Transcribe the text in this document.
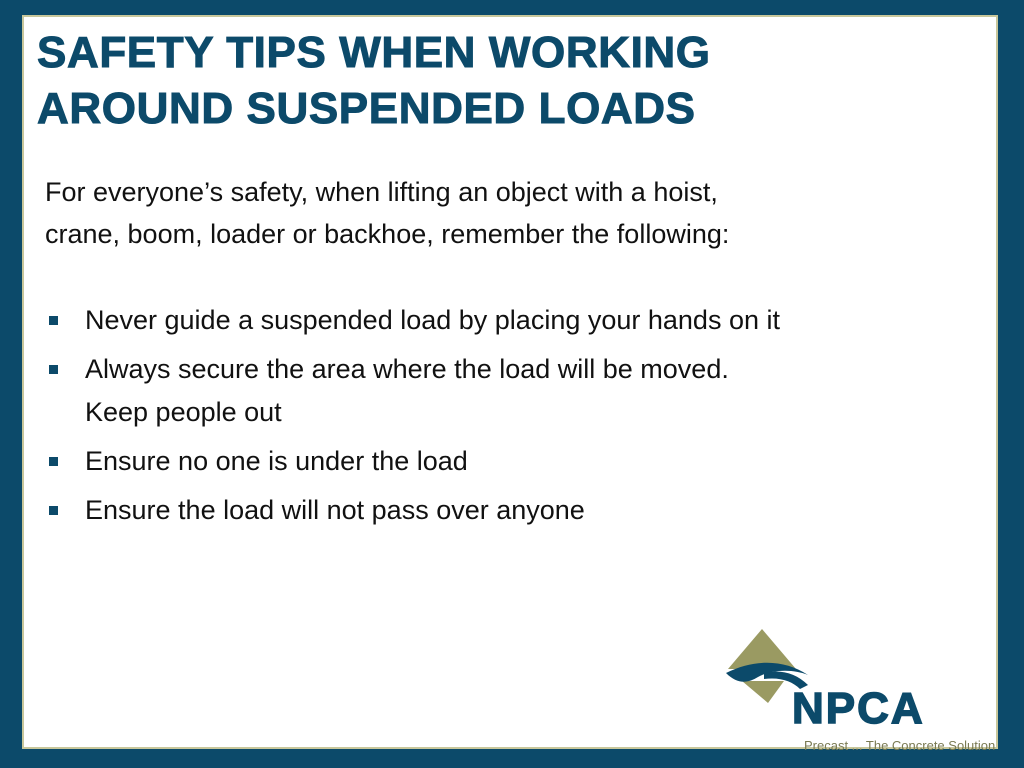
SAFETY TIPS WHEN WORKING
AROUND SUSPENDED LOADS

For everyone’s safety, when lifting an object with a hoist,
crane, boom, loader or backhoe, remember the following:

Never guide a suspended load by placing your hands on it
Always secure the area where the load will be moved.
Keep people out
Ensure no one is under the load
Ensure the load will not pass over anyone
NPCA
Precast ... The Concrete Solution
